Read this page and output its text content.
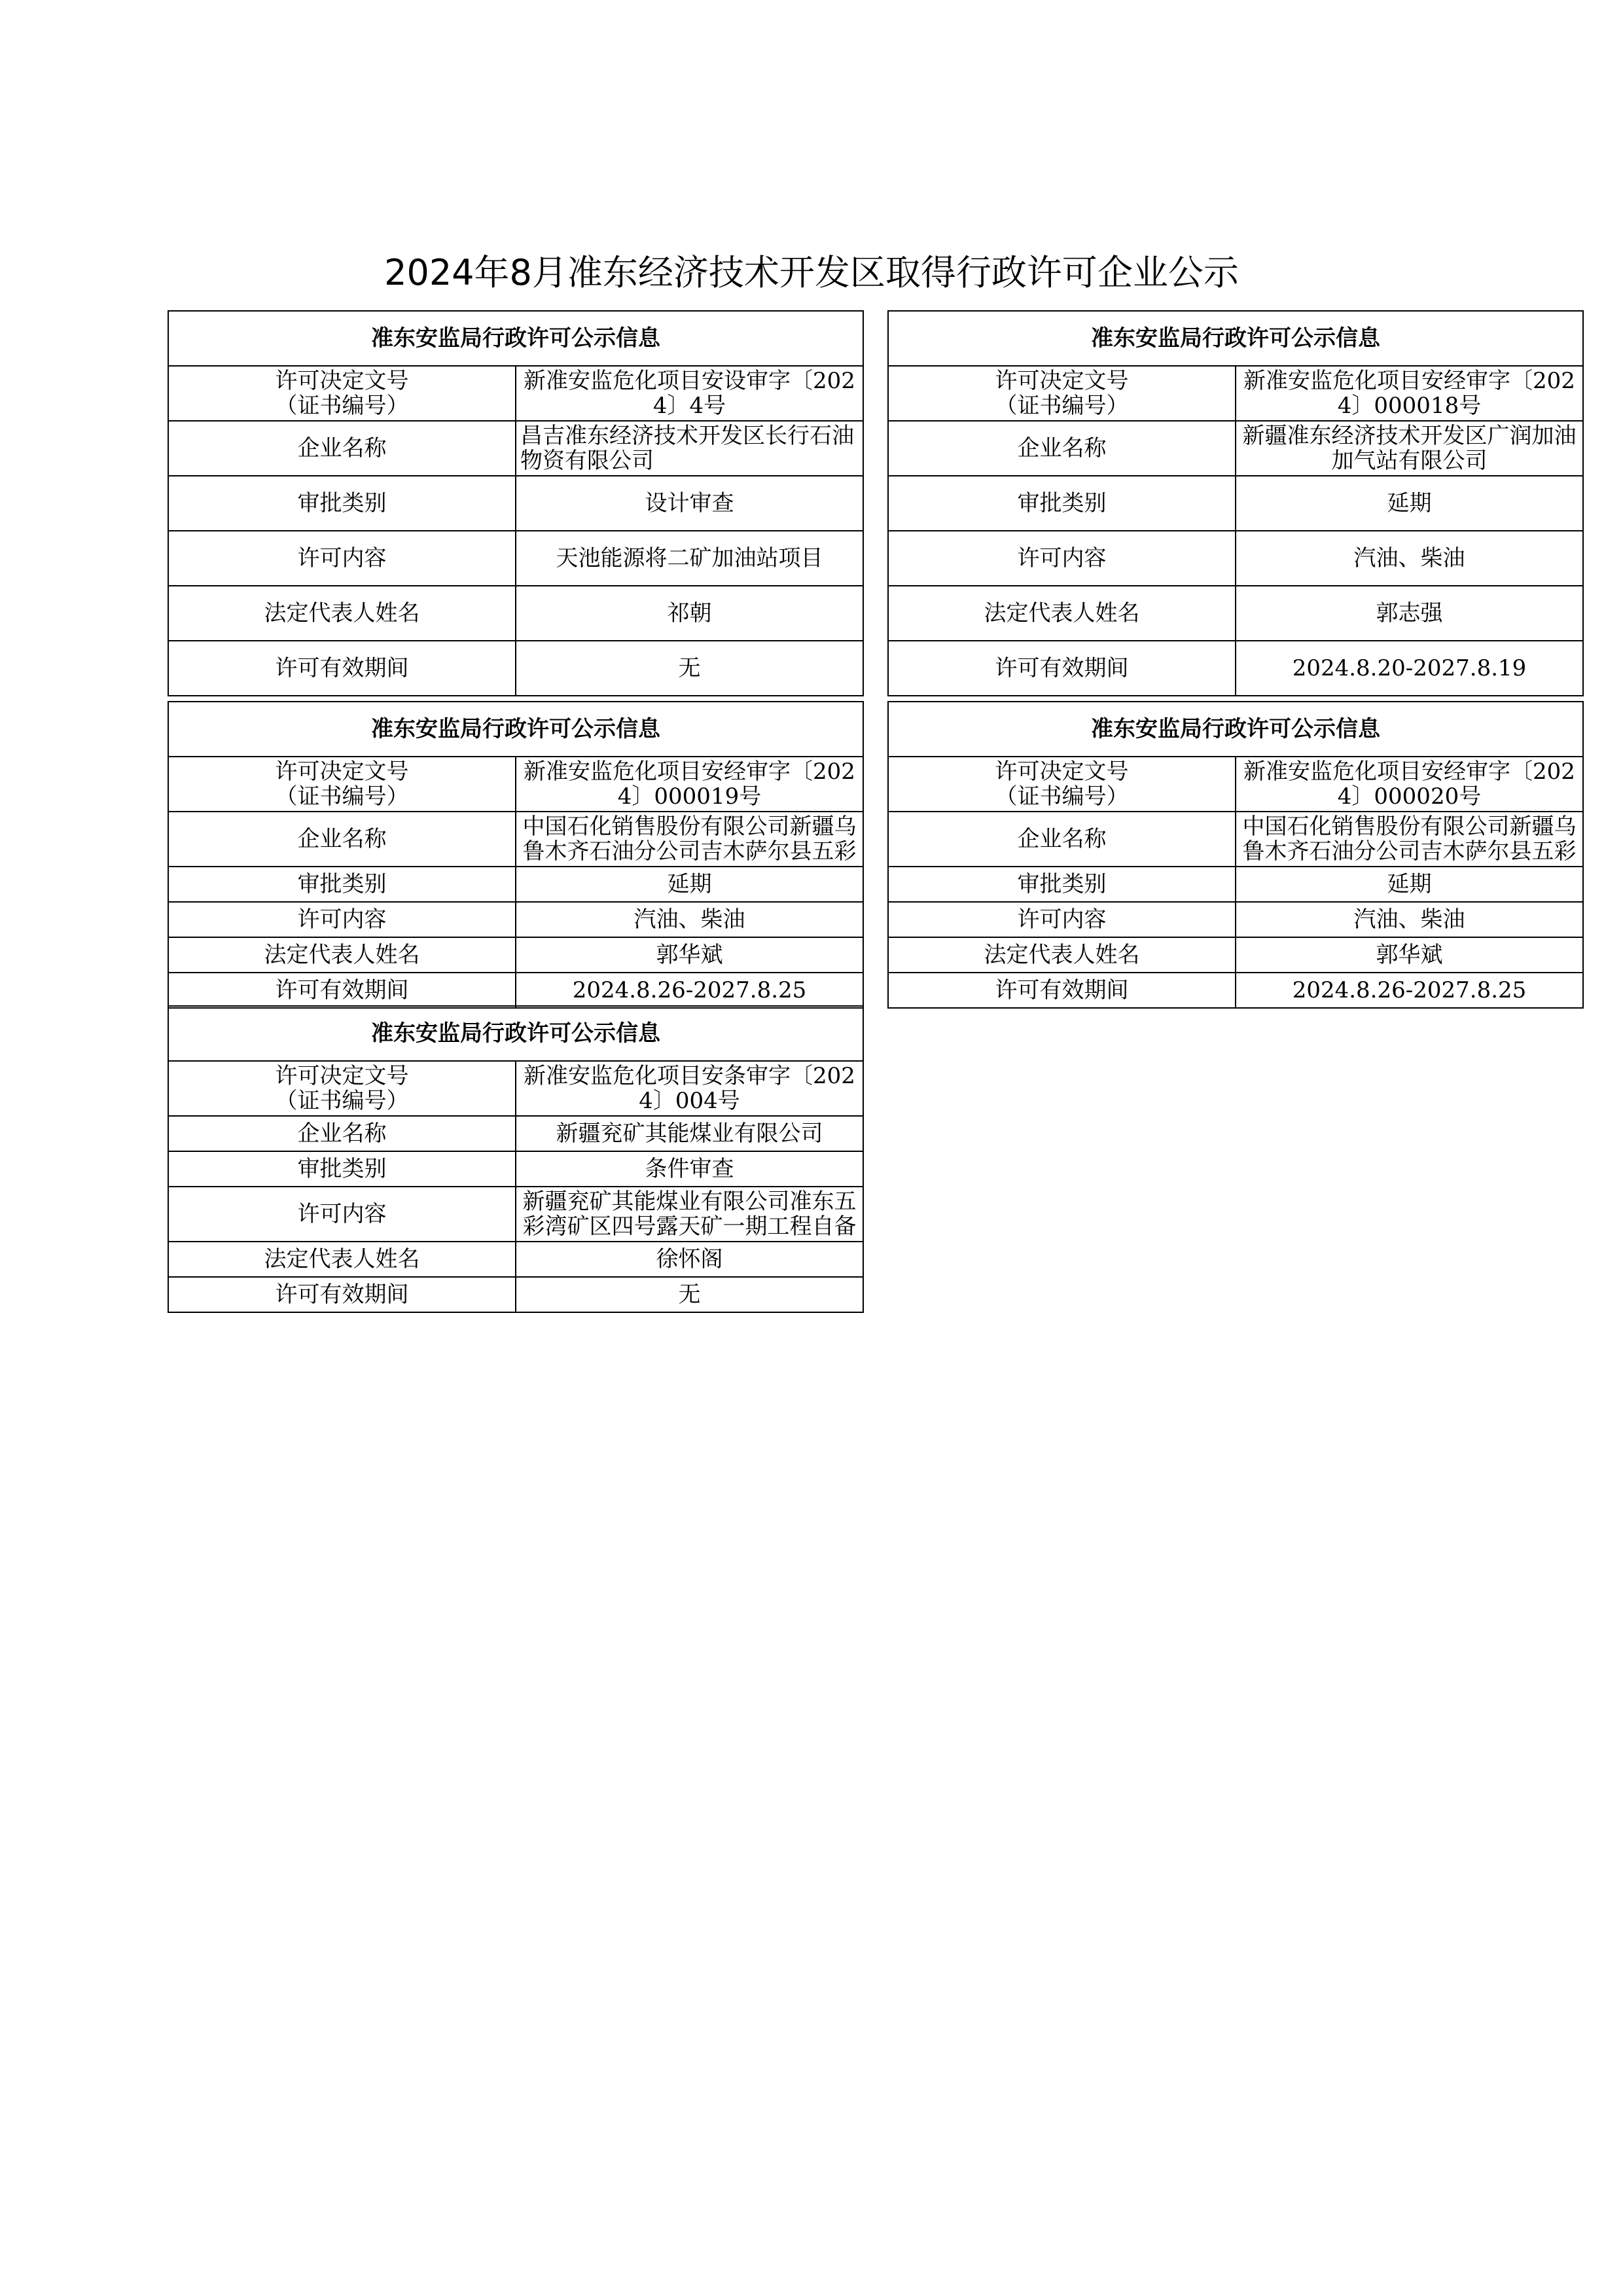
2024年8月准东经济技术开发区取得行政许可企业公示
准东安监局行政许可公示信息	

许可决定文号
（证书编号）	新准安监危化项目安设审字〔2024〕4号
企业名称	昌吉准东经济技术开发区长行石油物资有限公司

审批类别	设计审查
许可内容	天池能源将二矿加油站项目
法定代表人姓名	祁朝
许可有效期间	无
准东安监局行政许可公示信息	

许可决定文号
（证书编号）	新准安监危化项目安经审字〔2024〕000018号

企业名称	新疆准东经济技术开发区广润加油加气站有限公司

审批类别	延期
许可内容	汽油、柴油
法定代表人姓名	郭志强
许可有效期间	2024.8.20-2027.8.19
准东安监局行政许可公示信息	

许可决定文号
（证书编号）	新准安监危化项目安经审字〔2024〕000019号

企业名称	中国石化销售股份有限公司新疆乌鲁木齐石油分公司吉木萨尔县五彩

审批类别	延期
许可内容	汽油、柴油
法定代表人姓名	郭华斌
许可有效期间	2024.8.26-2027.8.25
准东安监局行政许可公示信息	

许可决定文号
（证书编号）	新准安监危化项目安经审字〔2024〕000020号

企业名称	中国石化销售股份有限公司新疆乌鲁木齐石油分公司吉木萨尔县五彩

审批类别	延期
许可内容	汽油、柴油
法定代表人姓名	郭华斌
许可有效期间	2024.8.26-2027.8.25
准东安监局行政许可公示信息	

许可决定文号
（证书编号）	新准安监危化项目安条审字〔2024〕004号
企业名称	新疆兖矿其能煤业有限公司
审批类别	条件审查
许可内容	新疆兖矿其能煤业有限公司准东五彩湾矿区四号露天矿一期工程自备

法定代表人姓名	徐怀阁
许可有效期间	无
